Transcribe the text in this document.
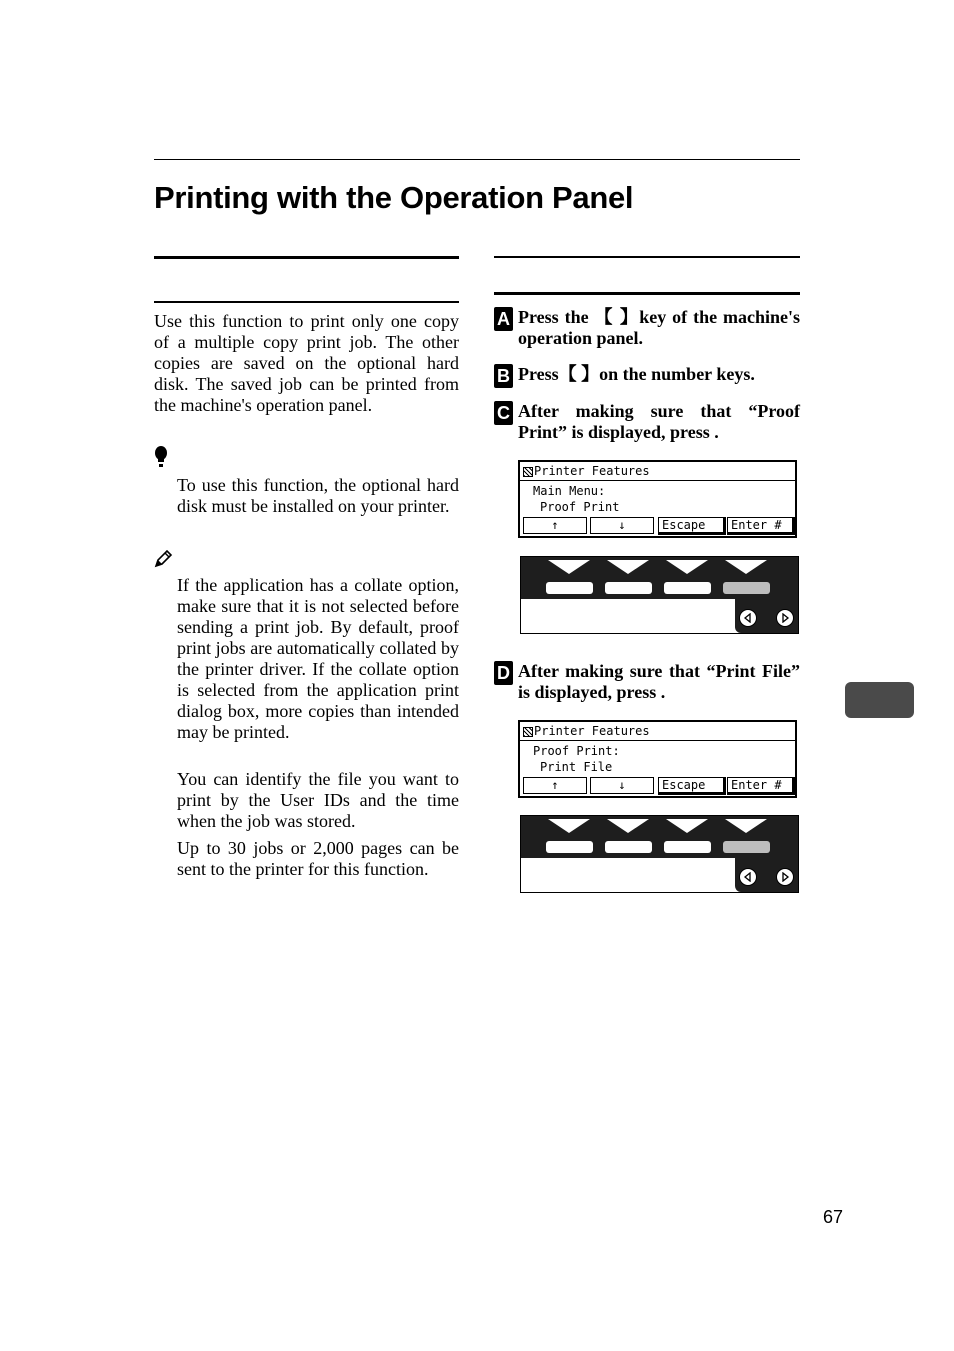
Printing with the Operation Panel
Use this function to print only one copy of a multiple copy print job. The other copies are saved on the optional hard disk. The saved job can be printed from the machine's operation panel.
To use this function, the optional hard disk must be installed on your printer.
If the application has a collate option, make sure that it is not selected before sending a print job. By default, proof print jobs are automatically collated by the printer driver. If the collate option is selected from the application print dialog box, more copies than intended may be printed.
You can identify the file you want to print by the User IDs and the time when the job was stored.
Up to 30 jobs or 2,000 pages can be sent to the printer for this function.
A Press the 【 】key of the machine's operation panel.
B Press【 】on the number keys.
C After making sure that “Proof Print” is displayed, press .
Printer Features
Main Menu:
Proof Print
↑	↓	Escape	Enter #
D After making sure that “Print File” is displayed, press .
Printer Features
Proof Print:
Print File
↑	↓	Escape	Enter #
67
